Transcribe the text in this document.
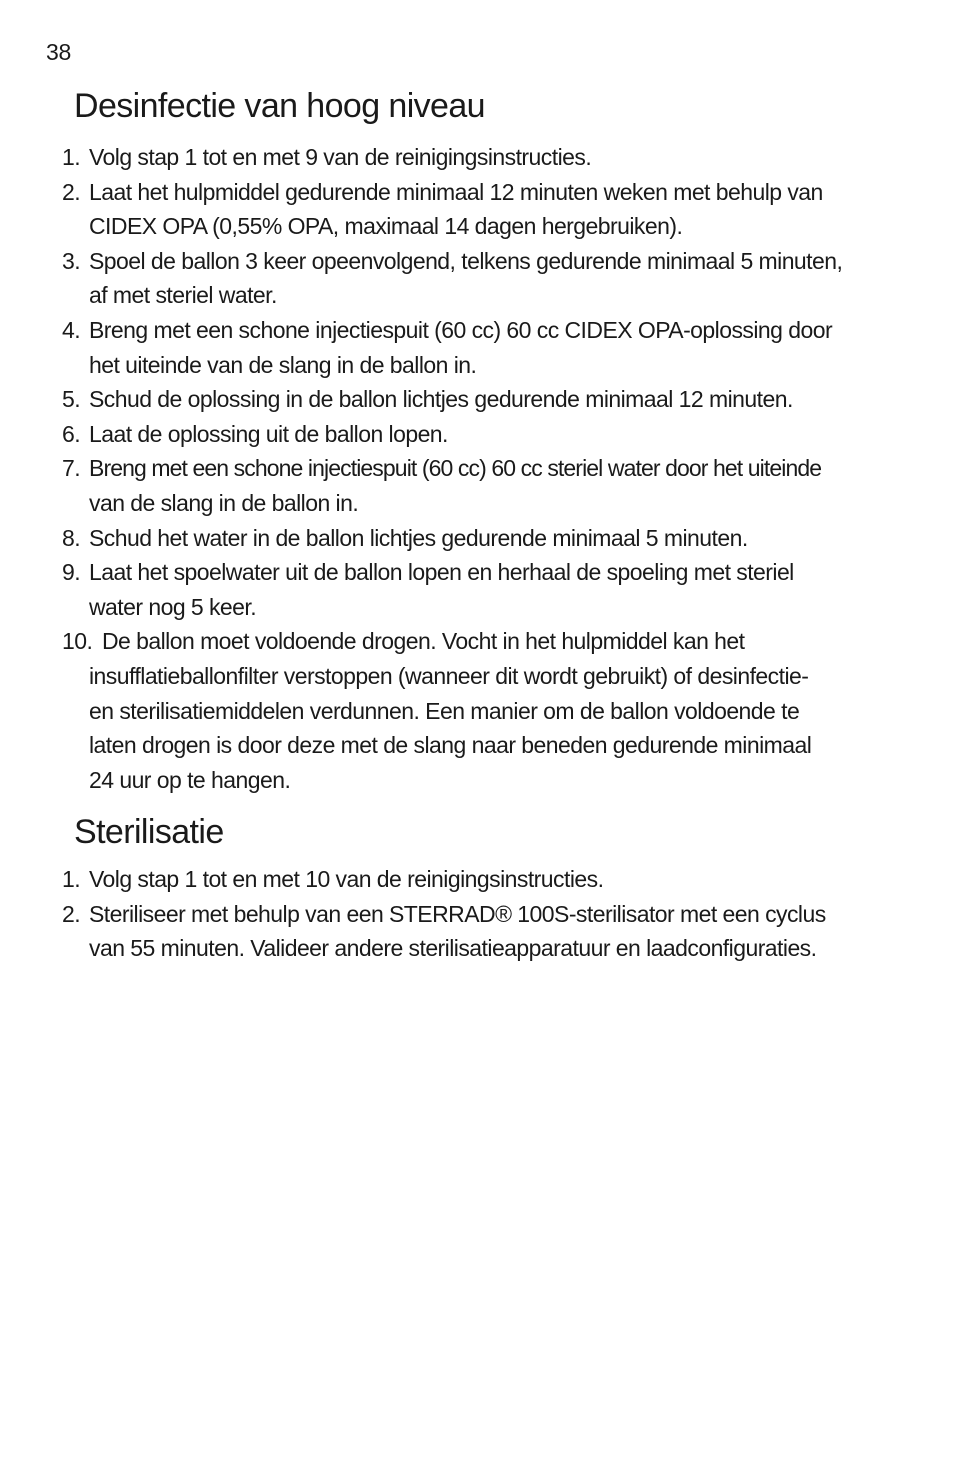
38
Desinfectie van hoog niveau
1. Volg stap 1 tot en met 9 van de reinigingsinstructies.
2. Laat het hulpmiddel gedurende minimaal 12 minuten weken met behulp van
CIDEX OPA (0,55% OPA, maximaal 14 dagen hergebruiken).
3. Spoel de ballon 3 keer opeenvolgend, telkens gedurende minimaal 5 minuten,
af met steriel water.
4. Breng met een schone injectiespuit (60 cc) 60 cc CIDEX OPA-oplossing door
het uiteinde van de slang in de ballon in.
5. Schud de oplossing in de ballon lichtjes gedurende minimaal 12 minuten.
6. Laat de oplossing uit de ballon lopen.
7. Breng met een schone injectiespuit (60 cc) 60 cc steriel water door het uiteinde
van de slang in de ballon in.
8. Schud het water in de ballon lichtjes gedurende minimaal 5 minuten.
9. Laat het spoelwater uit de ballon lopen en herhaal de spoeling met steriel
water nog 5 keer.
10. De ballon moet voldoende drogen. Vocht in het hulpmiddel kan het
insufflatieballonfilter verstoppen (wanneer dit wordt gebruikt) of desinfectie-
en sterilisatiemiddelen verdunnen. Een manier om de ballon voldoende te
laten drogen is door deze met de slang naar beneden gedurende minimaal
24 uur op te hangen.
Sterilisatie
1. Volg stap 1 tot en met 10 van de reinigingsinstructies.
2. Steriliseer met behulp van een STERRAD® 100S-sterilisator met een cyclus
van 55 minuten. Valideer andere sterilisatieapparatuur en laadconfiguraties.
